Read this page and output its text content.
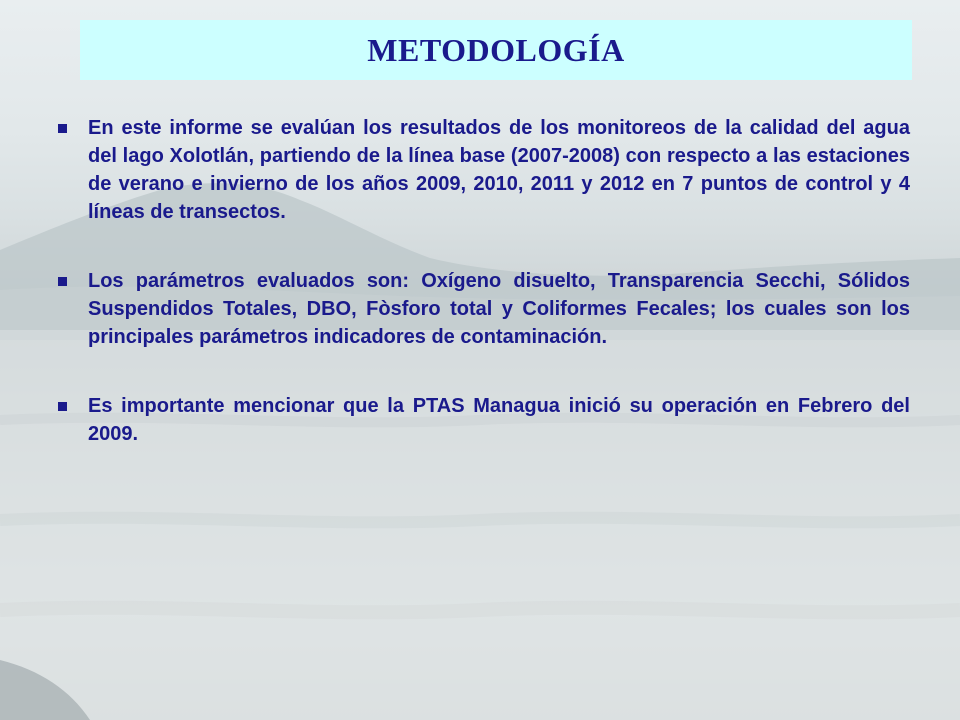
METODOLOGÍA
En este informe se evalúan los resultados de los monitoreos de la calidad del agua del lago Xolotlán, partiendo de la línea base (2007-2008) con respecto a las estaciones de verano e invierno de los años 2009, 2010, 2011 y 2012 en 7 puntos de control y 4 líneas de transectos.
Los parámetros evaluados son: Oxígeno disuelto, Transparencia Secchi, Sólidos Suspendidos Totales, DBO, Fòsforo total y Coliformes Fecales; los cuales son los principales parámetros indicadores de contaminación.
Es importante mencionar que la PTAS Managua inició su operación en Febrero del 2009.
